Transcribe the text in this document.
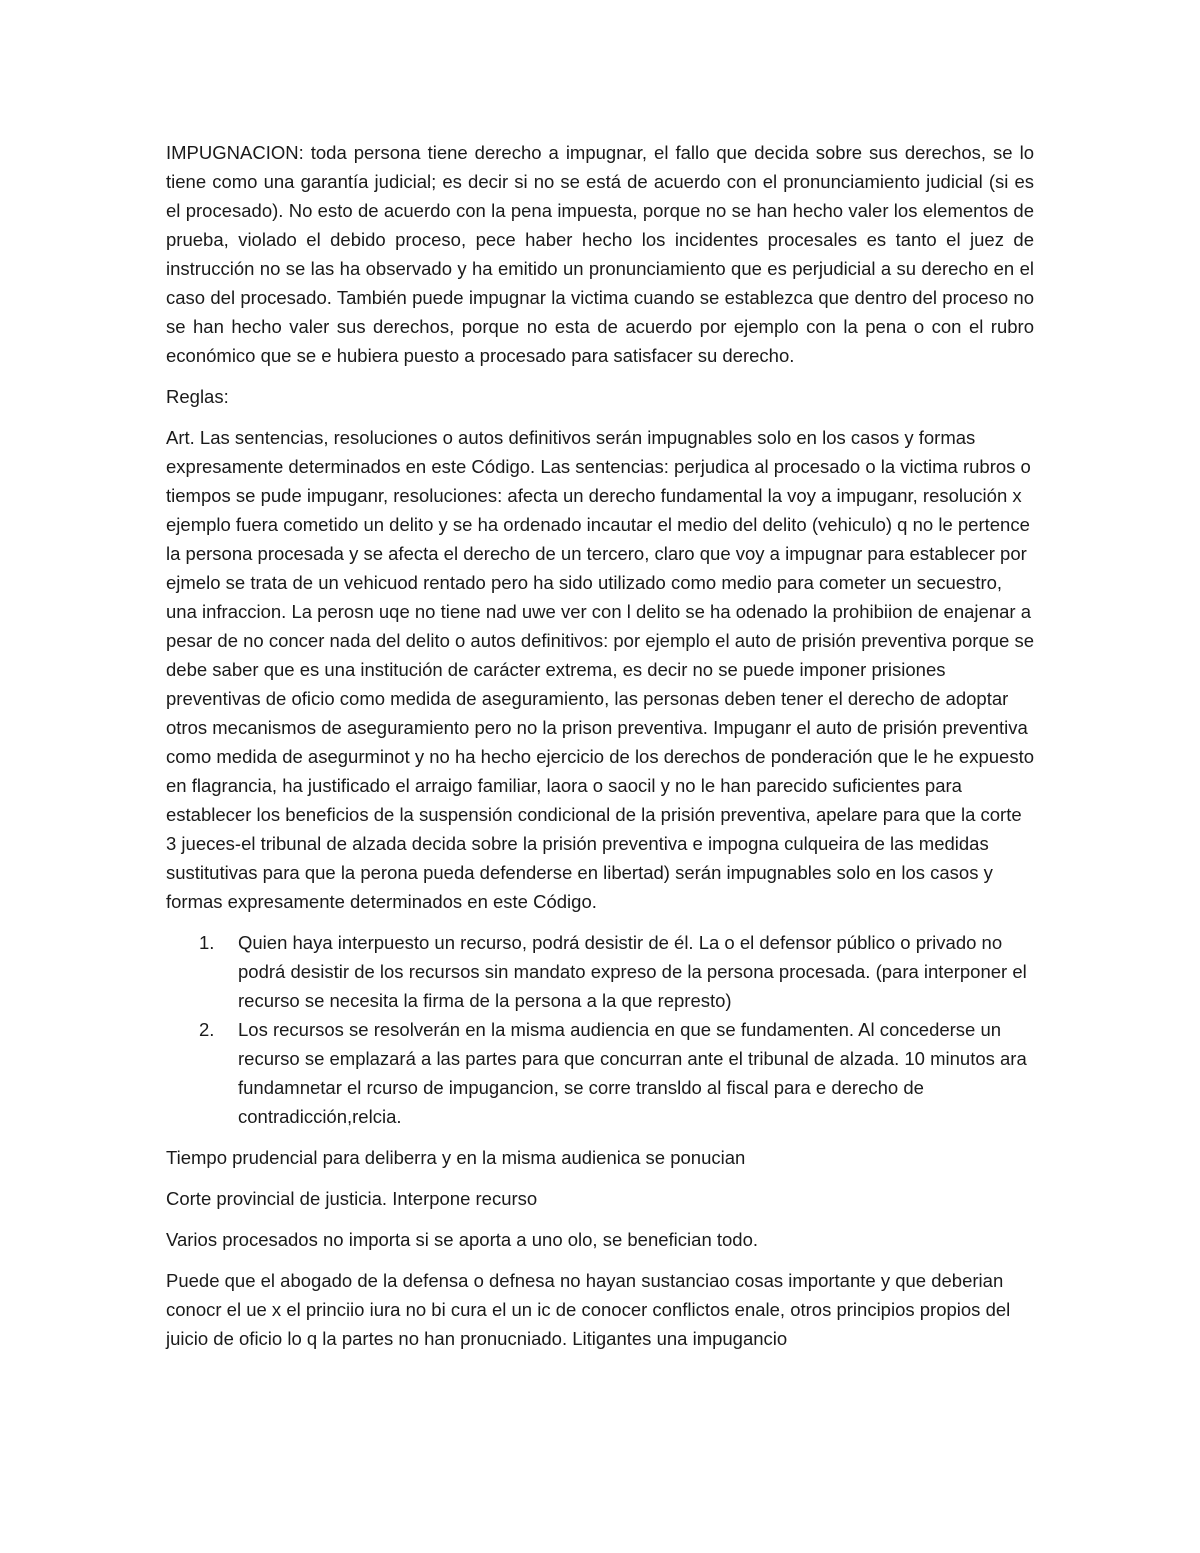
IMPUGNACION: toda persona tiene derecho a impugnar, el fallo que decida sobre sus derechos, se lo tiene como una garantía judicial; es decir si no se está de acuerdo con el pronunciamiento judicial (si es el procesado). No esto de acuerdo con la pena impuesta, porque no se han hecho valer los elementos de prueba, violado el debido proceso, pece haber hecho los incidentes procesales es tanto el juez de instrucción no se las ha observado y ha emitido un pronunciamiento que es perjudicial a su derecho en el caso del procesado. También puede impugnar la victima cuando se establezca que dentro del proceso no se han hecho valer sus derechos, porque no esta de acuerdo por ejemplo con la pena o con el rubro económico que se e hubiera puesto a procesado para satisfacer su derecho.

Reglas:

Art. Las sentencias, resoluciones o autos definitivos serán impugnables solo en los casos y formas expresamente determinados en este Código. Las sentencias: perjudica al procesado o la victima rubros o tiempos se pude impuganr, resoluciones: afecta un derecho fundamental la voy a impuganr, resolución x ejemplo fuera cometido un delito y se ha ordenado incautar el medio del delito (vehiculo) q no le pertence la persona procesada y se afecta el derecho de un tercero, claro que voy a impugnar para establecer por ejmelo se trata de un vehicuod rentado pero ha sido utilizado como medio para cometer un secuestro, una infraccion. La perosn uqe no tiene nad uwe ver con l delito se ha odenado la prohibiion de enajenar a pesar de no concer nada del delito o autos definitivos: por ejemplo el auto de prisión preventiva porque se debe saber que es una institución de carácter extrema, es decir no se puede imponer prisiones preventivas de oficio como medida de aseguramiento, las personas deben tener el derecho de adoptar otros mecanismos de aseguramiento pero no la prison preventiva. Impuganr el auto de prisión preventiva como medida de asegurminot y no ha hecho ejercicio de los derechos de ponderación que le he expuesto en flagrancia, ha justificado el arraigo familiar, laora o saocil y no le han parecido suficientes para establecer los beneficios de la suspensión condicional de la prisión preventiva, apelare para que la corte 3 jueces-el tribunal de alzada decida sobre la prisión preventiva e impogna culqueira de las medidas sustitutivas para que la perona pueda defenderse en libertad) serán impugnables solo en los casos y formas expresamente determinados en este Código.

1. Quien haya interpuesto un recurso, podrá desistir de él. La o el defensor público o privado no podrá desistir de los recursos sin mandato expreso de la persona procesada. (para interponer el recurso se necesita la firma de la persona a la que represto)
2. Los recursos se resolverán en la misma audiencia en que se fundamenten. Al concederse un recurso se emplazará a las partes para que concurran ante el tribunal de alzada. 10 minutos ara fundamnetar el rcurso de impugancion, se corre transldo al fiscal para e derecho de contradicción,relcia.

Tiempo prudencial para deliberra y en la misma audienica se ponucian

Corte provincial de justicia. Interpone recurso

Varios procesados no importa si se aporta a uno olo, se benefician todo.

Puede que el abogado de la defensa o defnesa no hayan sustanciao cosas importante y que deberian conocr el ue x el princiio iura no bi cura el un ic de conocer conflictos enale, otros principios propios del juicio de oficio lo q la partes no han pronucniado. Litigantes una impugancio
